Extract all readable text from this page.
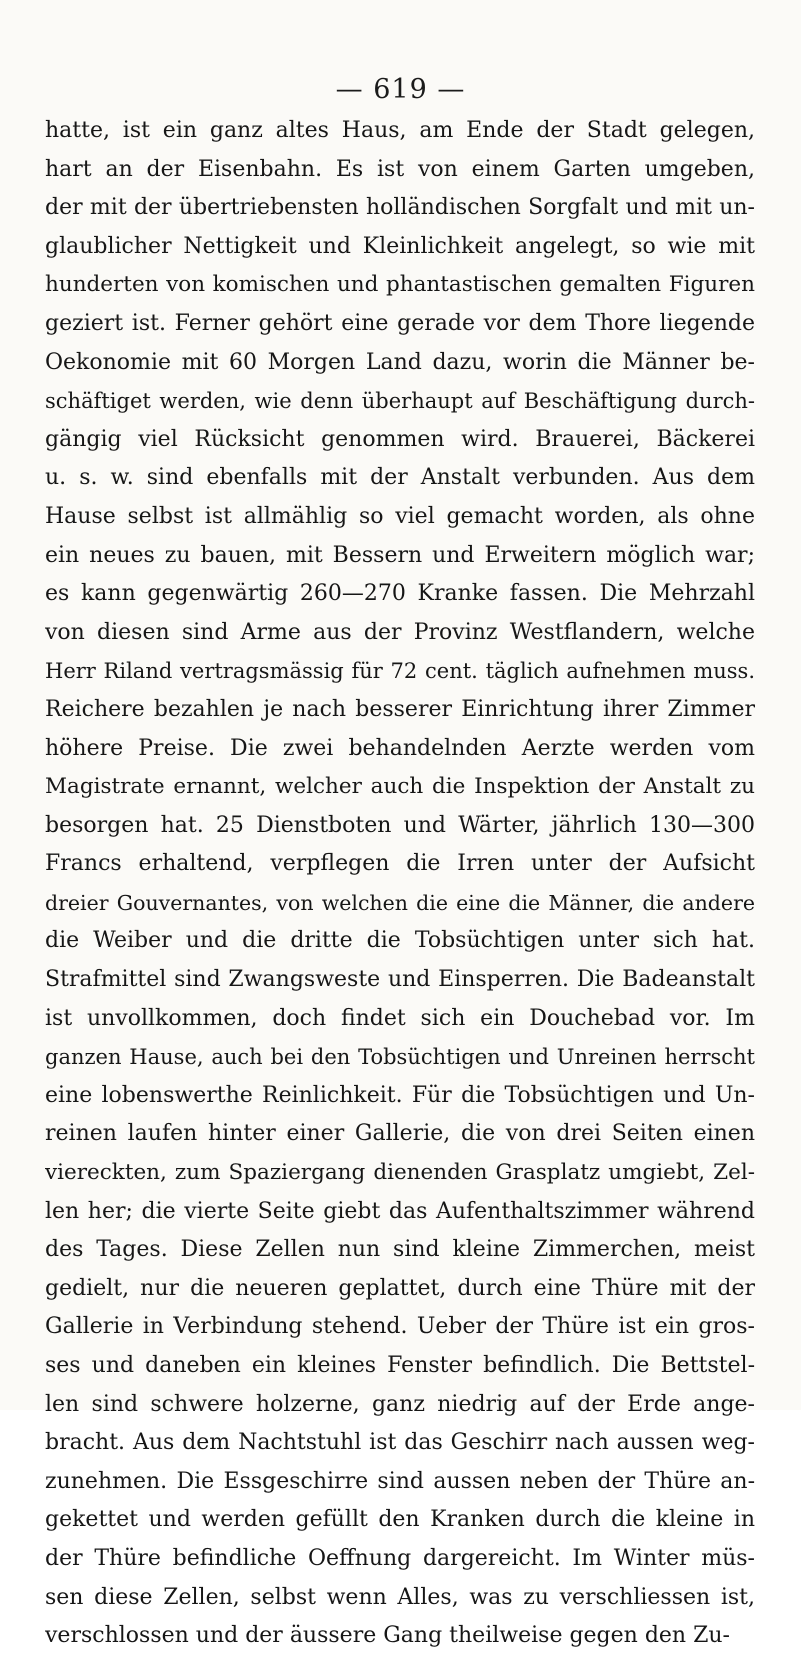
— 619 —
hatte, ist ein ganz altes Haus, am Ende der Stadt gelegen,
hart an der Eisenbahn. Es ist von einem Garten umgeben,
der mit der übertriebensten holländischen Sorgfalt und mit un-
glaublicher Nettigkeit und Kleinlichkeit angelegt, so wie mit
hunderten von komischen und phantastischen gemalten Figuren
geziert ist. Ferner gehört eine gerade vor dem Thore liegende
Oekonomie mit 60 Morgen Land dazu, worin die Männer be-
schäftiget werden, wie denn überhaupt auf Beschäftigung durch-
gängig viel Rücksicht genommen wird. Brauerei, Bäckerei
u. s. w. sind ebenfalls mit der Anstalt verbunden. Aus dem
Hause selbst ist allmählig so viel gemacht worden, als ohne
ein neues zu bauen, mit Bessern und Erweitern möglich war;
es kann gegenwärtig 260—270 Kranke fassen. Die Mehrzahl
von diesen sind Arme aus der Provinz Westflandern, welche
Herr Riland vertragsmässig für 72 cent. täglich aufnehmen muss.
Reichere bezahlen je nach besserer Einrichtung ihrer Zimmer
höhere Preise. Die zwei behandelnden Aerzte werden vom
Magistrate ernannt, welcher auch die Inspektion der Anstalt zu
besorgen hat. 25 Dienstboten und Wärter, jährlich 130—300
Francs erhaltend, verpflegen die Irren unter der Aufsicht
dreier Gouvernantes, von welchen die eine die Männer, die andere
die Weiber und die dritte die Tobsüchtigen unter sich hat.
Strafmittel sind Zwangsweste und Einsperren. Die Badeanstalt
ist unvollkommen, doch findet sich ein Douchebad vor. Im
ganzen Hause, auch bei den Tobsüchtigen und Unreinen herrscht
eine lobenswerthe Reinlichkeit. Für die Tobsüchtigen und Un-
reinen laufen hinter einer Gallerie, die von drei Seiten einen
viereckten, zum Spaziergang dienenden Grasplatz umgiebt, Zel-
len her; die vierte Seite giebt das Aufenthaltszimmer während
des Tages. Diese Zellen nun sind kleine Zimmerchen, meist
gedielt, nur die neueren geplattet, durch eine Thüre mit der
Gallerie in Verbindung stehend. Ueber der Thüre ist ein gros-
ses und daneben ein kleines Fenster befindlich. Die Bettstel-
len sind schwere holzerne, ganz niedrig auf der Erde ange-
bracht. Aus dem Nachtstuhl ist das Geschirr nach aussen weg-
zunehmen. Die Essgeschirre sind aussen neben der Thüre an-
gekettet und werden gefüllt den Kranken durch die kleine in
der Thüre befindliche Oeffnung dargereicht. Im Winter müs-
sen diese Zellen, selbst wenn Alles, was zu verschliessen ist,
verschlossen und der äussere Gang theilweise gegen den Zu-
